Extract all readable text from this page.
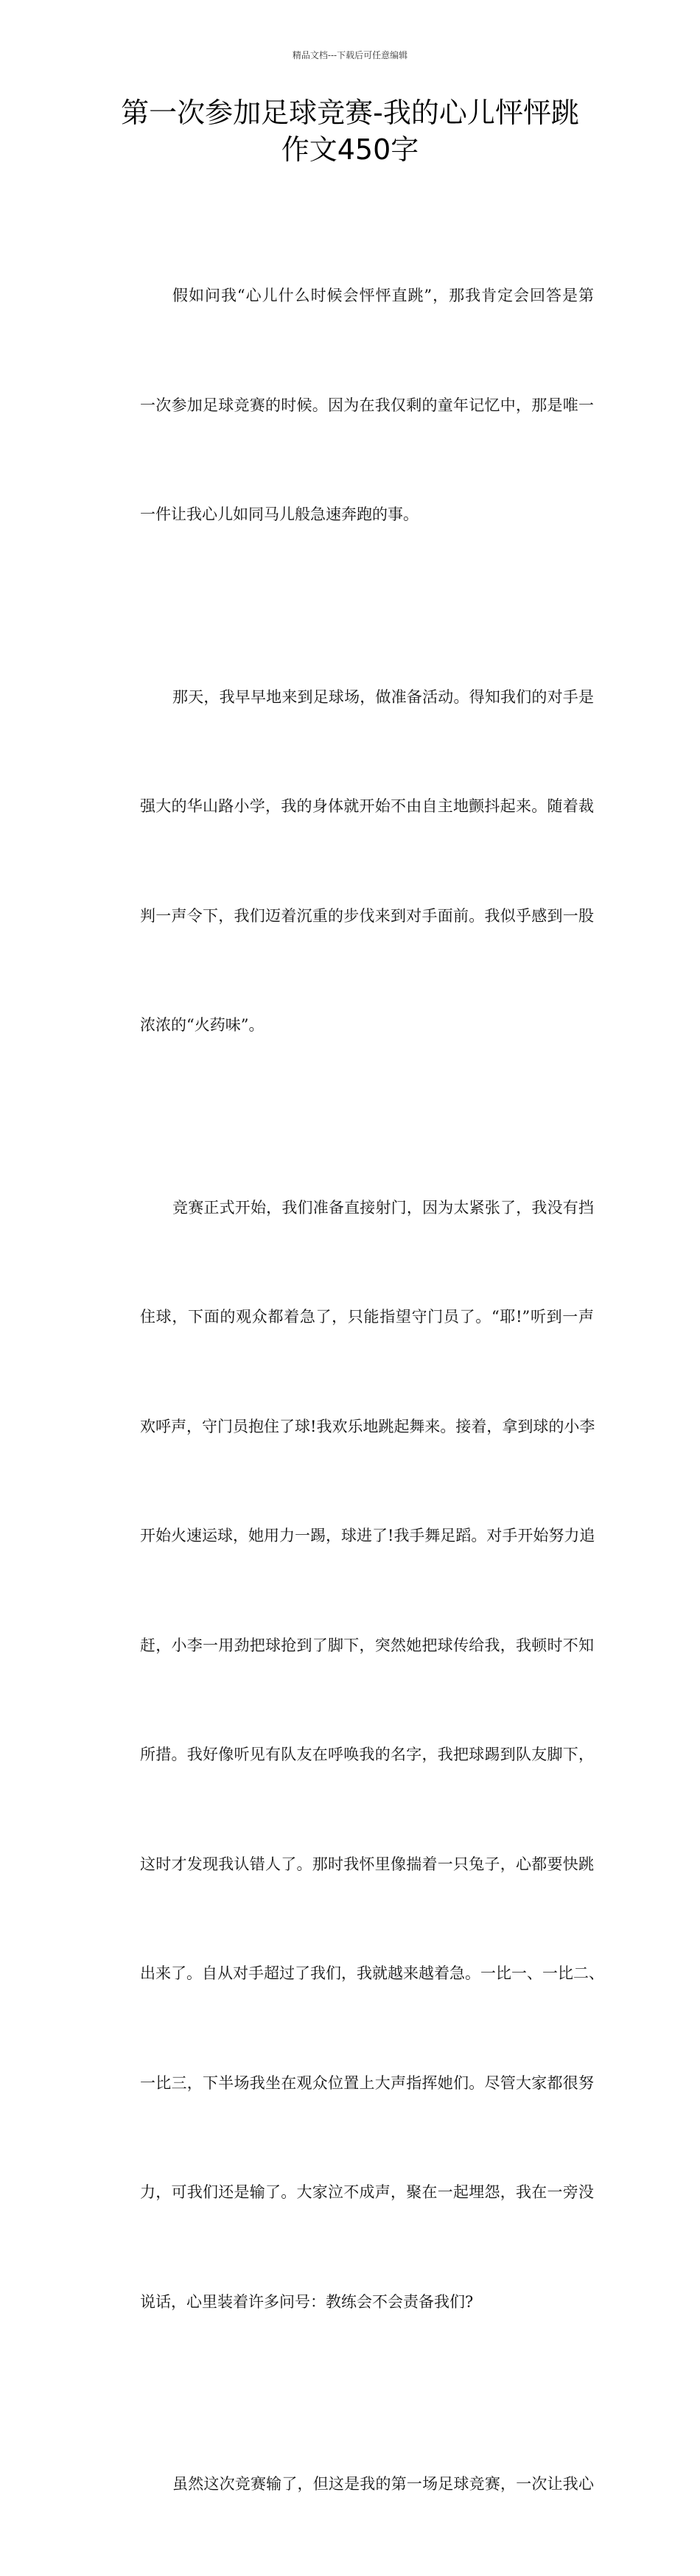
精品文档---下载后可任意编辑
第一次参加足球竞赛-我的心儿怦怦跳
作文450字

假如问我“心儿什么时候会怦怦直跳”，那我肯定会回答是第

一次参加足球竞赛的时候。因为在我仅剩的童年记忆中，那是唯一

一件让我心儿如同马儿般急速奔跑的事。

那天，我早早地来到足球场，做准备活动。得知我们的对手是

强大的华山路小学，我的身体就开始不由自主地颤抖起来。随着裁

判一声令下，我们迈着沉重的步伐来到对手面前。我似乎感到一股

浓浓的“火药味”。

竞赛正式开始，我们准备直接射门，因为太紧张了，我没有挡

住球，下面的观众都着急了，只能指望守门员了。“耶!”听到一声

欢呼声，守门员抱住了球!我欢乐地跳起舞来。接着，拿到球的小李

开始火速运球，她用力一踢，球进了!我手舞足蹈。对手开始努力追

赶，小李一用劲把球抢到了脚下，突然她把球传给我，我顿时不知

所措。我好像听见有队友在呼唤我的名字，我把球踢到队友脚下，

这时才发现我认错人了。那时我怀里像揣着一只兔子，心都要快跳

出来了。自从对手超过了我们，我就越来越着急。一比一、一比二、

一比三，下半场我坐在观众位置上大声指挥她们。尽管大家都很努

力，可我们还是输了。大家泣不成声，聚在一起埋怨，我在一旁没

说话，心里装着许多问号：教练会不会责备我们?

虽然这次竞赛输了，但这是我的第一场足球竞赛，一次让我心
